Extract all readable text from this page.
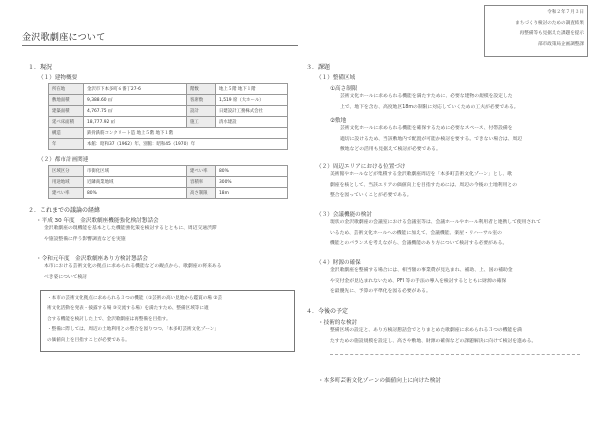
金沢歌劇座について
令和２年７月３日
まちづくり検討のための調査結果
再整備等も見据えた課題を提示
部市政策局企画調整課
１．現況
（１）建物概要
所在地	金沢市下本多町６番丁27-6	階数	地上５階 地下１階
敷地面積	9,388.60 ㎡	客席数	1,519 席（大ホール）
建築面積	4,767.75 ㎡	設計	日建設計工務株式会社
延べ床面積	18,777.92 ㎡	施工	清水建設
構造	鉄骨鉄筋コンクリート造 地上５階 地下１階		
年	本館：昭和37（1962）年、別館：昭和45（1970）年		
（２）都市計画関連
区域区分	市街化区域	建ぺい率	80%
用途地域	近隣商業地域	容積率	300%
建ぺい率	80%	高さ制限	18m
２．これまでの議論の経緯
・平成 30 年度　金沢歌劇座機能強化検討懇話会

金沢歌劇座の現機能を基本とした機能強化策を検討するとともに、周辺交通渋滞

や施設整備に伴う影響調査などを実施

・令和元年度　金沢歌劇座あり方検討懇話会

本市における芸術文化の拠点に求められる機能などの観点から、歌劇座の将来ある

べき姿について検討

・本市の芸術文化拠点に求められる３つの機能（①芸術の高い見地から鑑賞の場 ②芸

術文化活動を発表・披露する場 ③交流する場）を満たすため、整備区域等に適

合する機能を検討した上で、金沢歌劇座は再整備を目指す。

・整備に際しては、周辺の土地利用との整合を図りつつ、「本多町芸術文化ゾーン」

の価値向上を目指すことが必要である。

３．課題
（１）整備区域
①高さ制限

芸術文化ホールに求められる機能を満たすために、必要な建物の規模を設定した

上で、地下を含む、高度地区18mの制限に対応していくための工夫が必要である。

②敷地

芸術文化ホールに求められる機能を確保するために必要なスペース、付帯設備を

適切に設けるため、当該敷地内で配置が可能か検討を要する。できない場合は、周辺

敷地などの活用も見据えて検討が必要である。

（２）周辺エリアにおける位置づけ

美術館やホールなどが集積する金沢歌劇座周辺を「本多町芸術文化ゾーン」とし、歌

劇座を核として、当該エリアの価値向上を目指すためには、周辺の今後の土地利用との

整合を図っていくことが必要である。

（３）会議機能の検討

現状の金沢歌劇座の会議室における会議室等は、会議ホールやホール利用者と連携して使用されて

いるため、芸術文化ホールへの機能に加えて、会議機能、楽屋・リハーサル室の

機能とのバランスを考えながら、会議機能のあり方について検討する必要がある。

（４）財源の確保

金沢歌劇座を整備する場合には、相当額の事業費が見込まれ、補助、上、国の補助金

や交付金が見込まれないため、PFI 等の手法の導入を検討するとともに財源の確保

を最優先に、予算の平準化を図る必要がある。

４．今後の予定
・技術的な検討

整備区域の設定と、あり方検討懇話会でとりまとめた歌劇座に求められる３つの機能を満

たすための施設規模を設定し、高さや敷地、財源の確保などの課題解決に向けて検討を進める。

・本多町芸術文化ゾーンの価値向上に向けた検討
